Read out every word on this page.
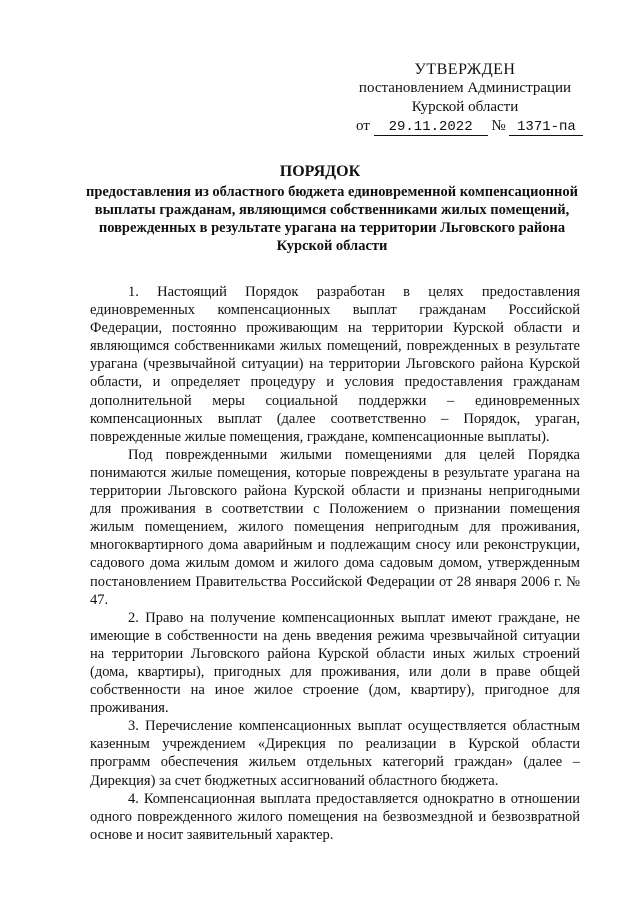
УТВЕРЖДЕН
постановлением Администрации
Курской области
от 29.11.2022 № 1371-па
ПОРЯДОК
предоставления из областного бюджета единовременной компенсационной выплаты гражданам, являющимся собственниками жилых помещений, поврежденных в результате урагана на территории Льговского района Курской области

1. Настоящий Порядок разработан в целях предоставления единовременных компенсационных выплат гражданам Российской Федерации, постоянно проживающим на территории Курской области и являющимся собственниками жилых помещений, поврежденных в результате урагана (чрезвычайной ситуации) на территории Льговского района Курской области, и определяет процедуру и условия предоставления гражданам дополнительной меры социальной поддержки – единовременных компенсационных выплат (далее соответственно – Порядок, ураган, поврежденные жилые помещения, граждане, компенсационные выплаты).

Под поврежденными жилыми помещениями для целей Порядка понимаются жилые помещения, которые повреждены в результате урагана на территории Льговского района Курской области и признаны непригодными для проживания в соответствии с Положением о признании помещения жилым помещением, жилого помещения непригодным для проживания, многоквартирного дома аварийным и подлежащим сносу или реконструкции, садового дома жилым домом и жилого дома садовым домом, утвержденным постановлением Правительства Российской Федерации от 28 января 2006 г. № 47.

2. Право на получение компенсационных выплат имеют граждане, не имеющие в собственности на день введения режима чрезвычайной ситуации на территории Льговского района Курской области иных жилых строений (дома, квартиры), пригодных для проживания, или доли в праве общей собственности на иное жилое строение (дом, квартиру), пригодное для проживания.

3. Перечисление компенсационных выплат осуществляется областным казенным учреждением «Дирекция по реализации в Курской области программ обеспечения жильем отдельных категорий граждан» (далее – Дирекция) за счет бюджетных ассигнований областного бюджета.

4. Компенсационная выплата предоставляется однократно в отношении одного поврежденного жилого помещения на безвозмездной и безвозвратной основе и носит заявительный характер.
